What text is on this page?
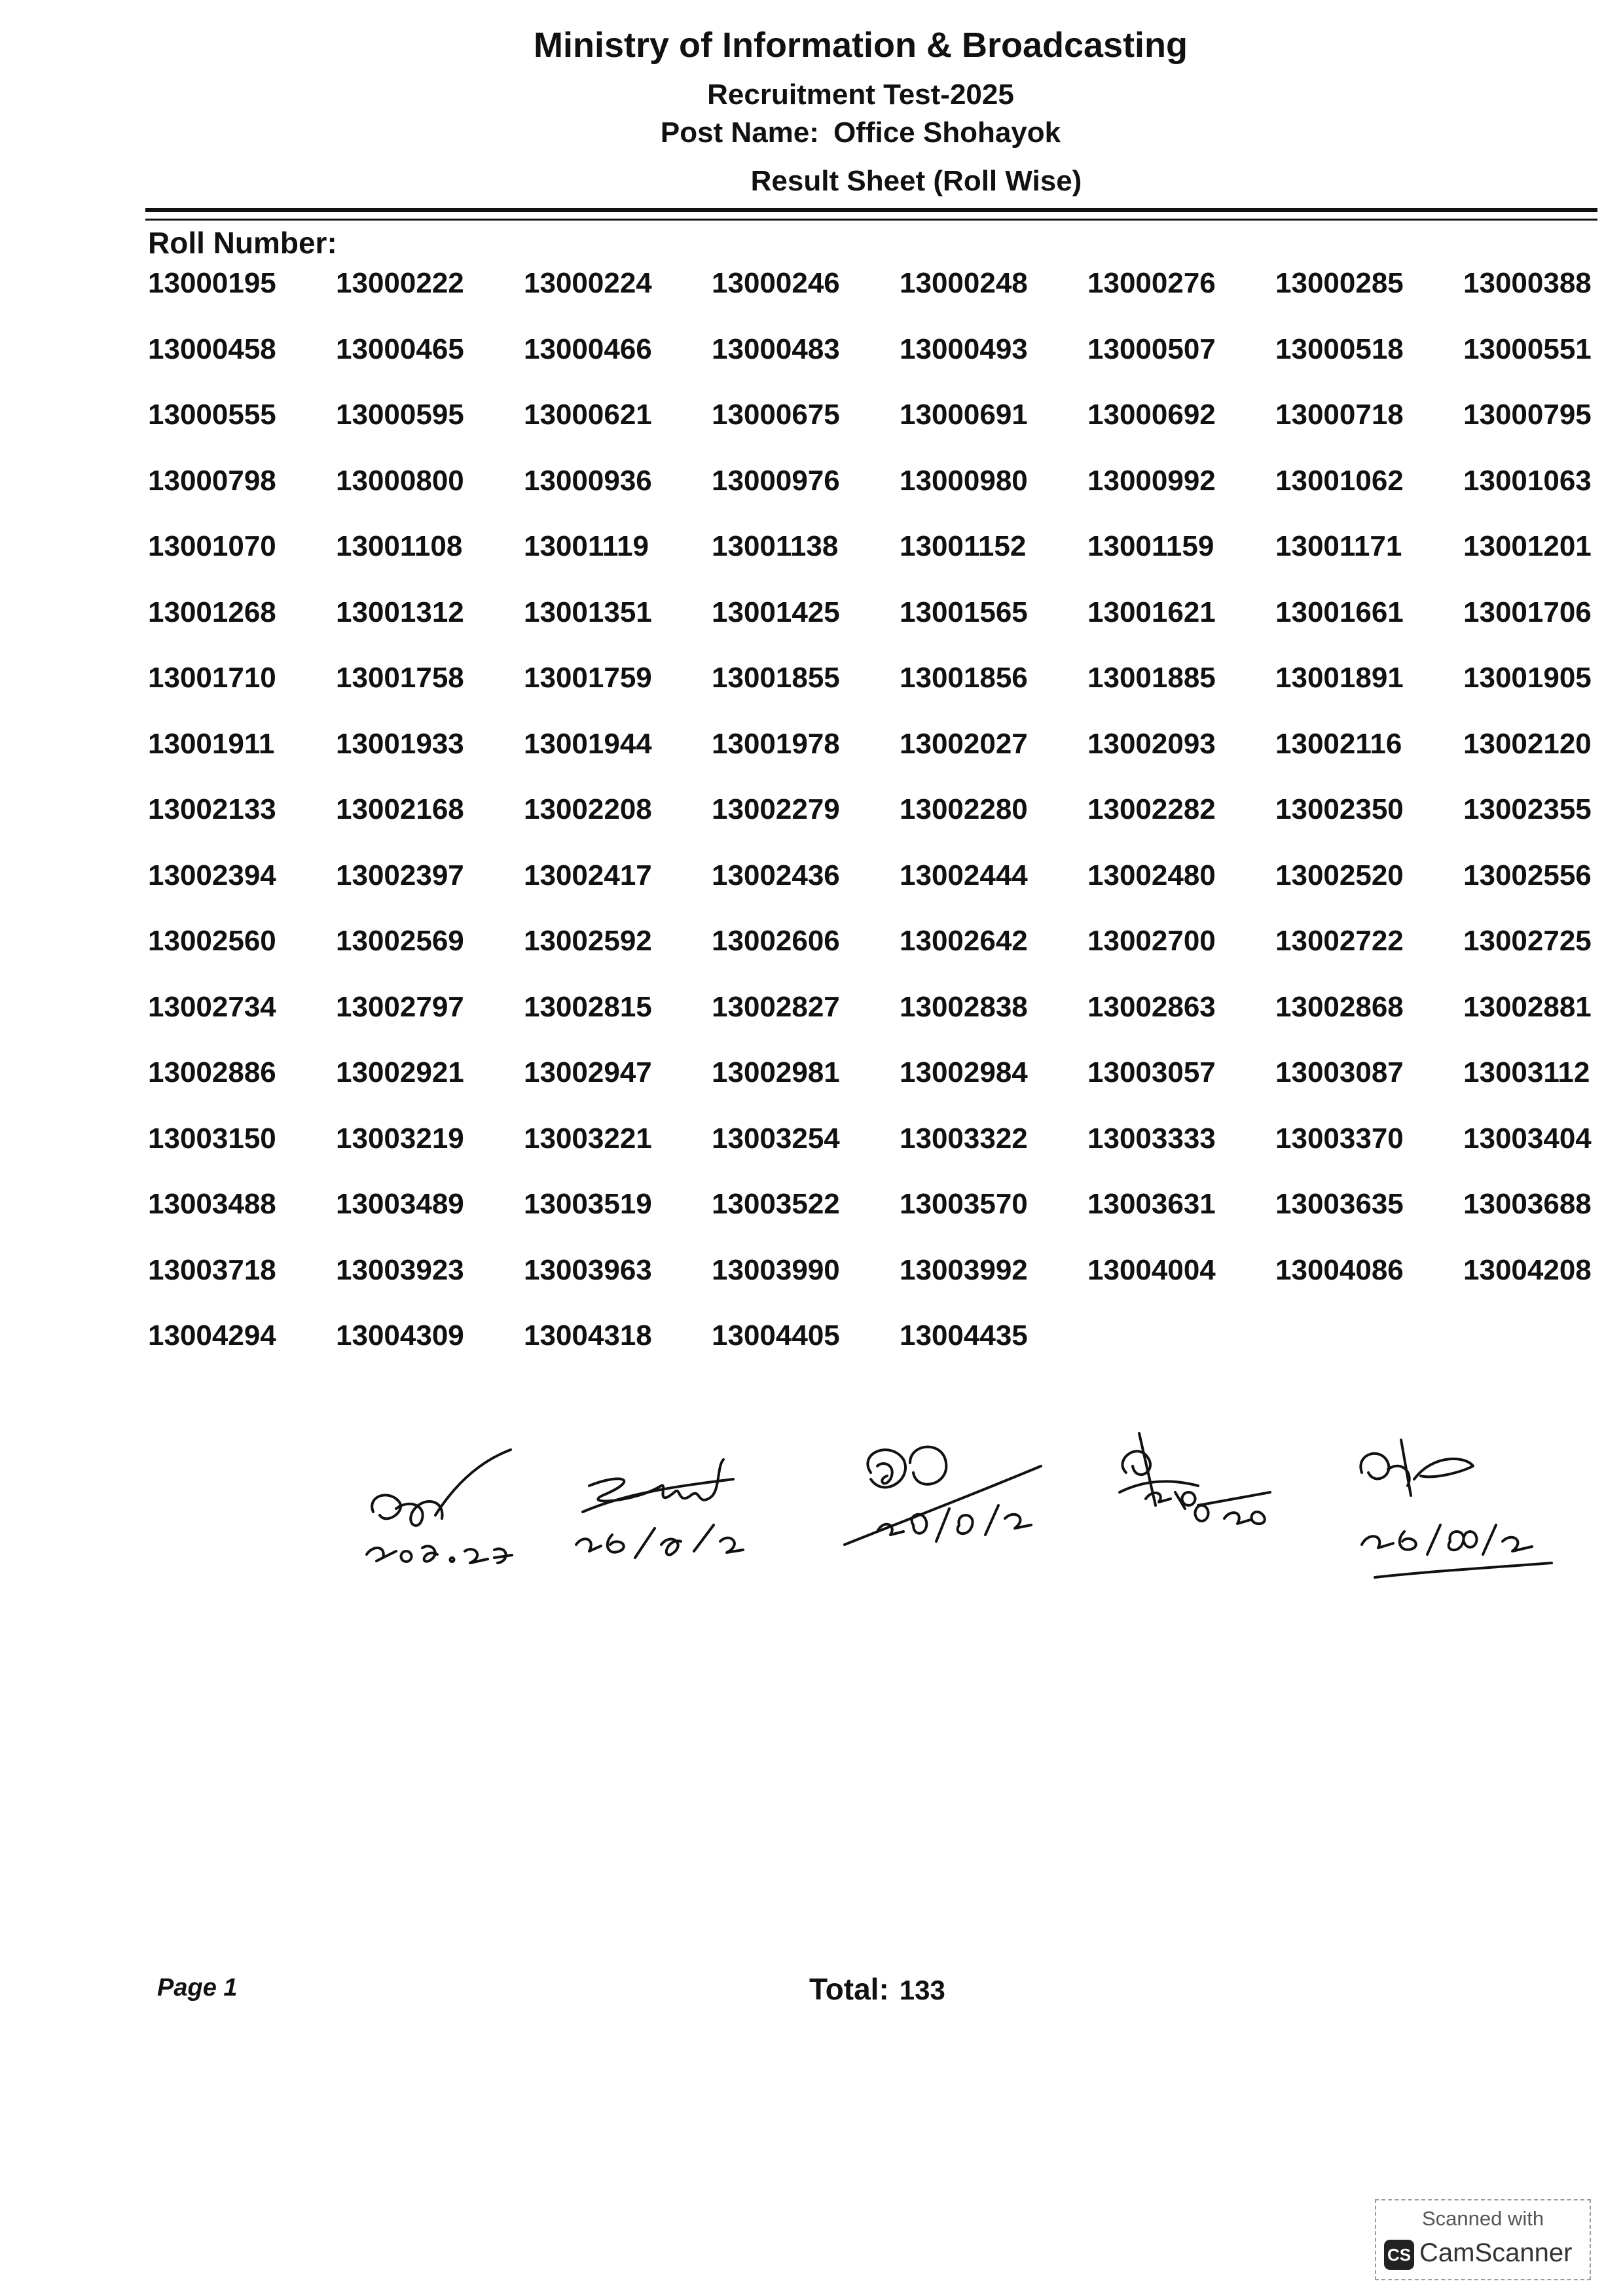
Ministry of Information & Broadcasting
Recruitment Test-2025
Post Name: Office Shohayok
Result Sheet (Roll Wise)
Roll Number:
13000195	13000222	13000224	13000246	13000248	13000276	13000285	13000388
13000458	13000465	13000466	13000483	13000493	13000507	13000518	13000551
13000555	13000595	13000621	13000675	13000691	13000692	13000718	13000795
13000798	13000800	13000936	13000976	13000980	13000992	13001062	13001063
13001070	13001108	13001119	13001138	13001152	13001159	13001171	13001201
13001268	13001312	13001351	13001425	13001565	13001621	13001661	13001706
13001710	13001758	13001759	13001855	13001856	13001885	13001891	13001905
13001911	13001933	13001944	13001978	13002027	13002093	13002116	13002120
13002133	13002168	13002208	13002279	13002280	13002282	13002350	13002355
13002394	13002397	13002417	13002436	13002444	13002480	13002520	13002556
13002560	13002569	13002592	13002606	13002642	13002700	13002722	13002725
13002734	13002797	13002815	13002827	13002838	13002863	13002868	13002881
13002886	13002921	13002947	13002981	13002984	13003057	13003087	13003112
13003150	13003219	13003221	13003254	13003322	13003333	13003370	13003404
13003488	13003489	13003519	13003522	13003570	13003631	13003635	13003688
13003718	13003923	13003963	13003990	13003992	13004004	13004086	13004208
13004294	13004309	13004318	13004405	13004435
Page 1	Total: 133
Scanned with
CS CamScanner
